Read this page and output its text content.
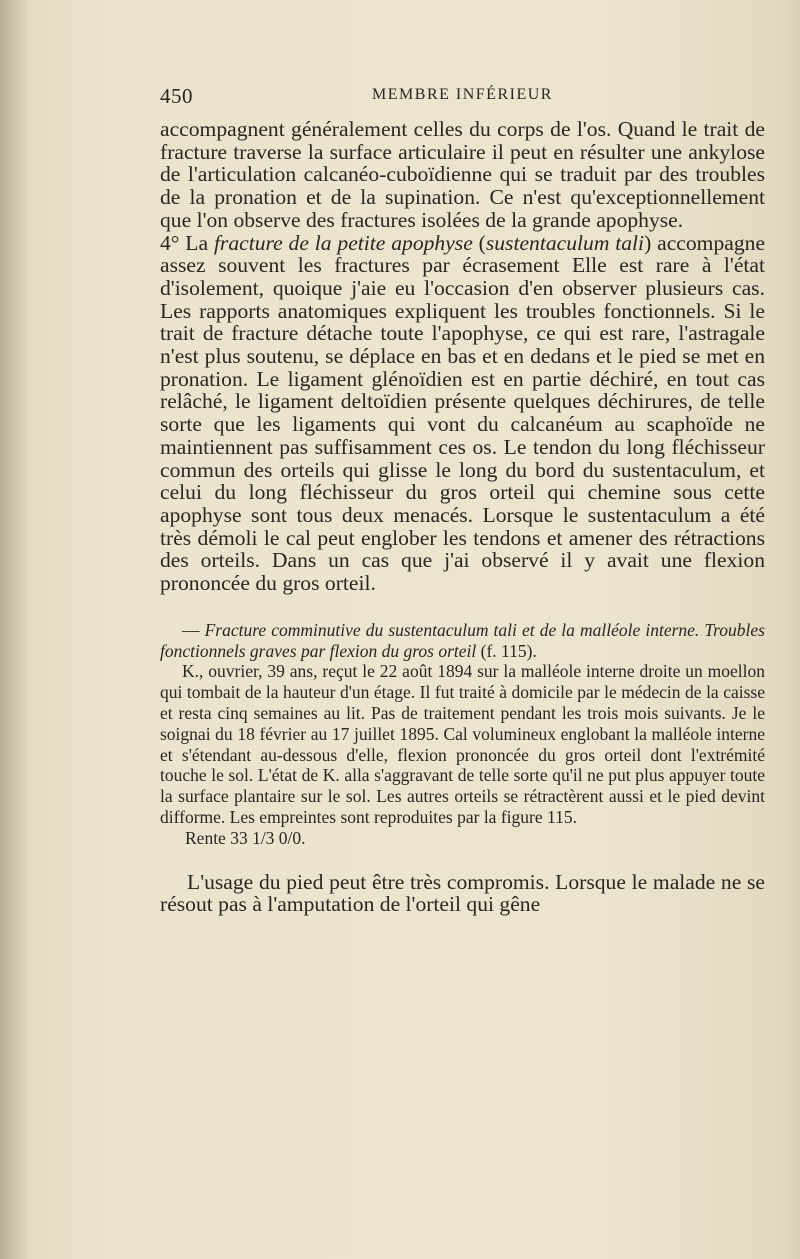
450	MEMBRE INFÉRIEUR

accompagnent généralement celles du corps de l'os. Quand le trait de fracture traverse la surface articulaire il peut en résulter une ankylose de l'articulation calcanéo-cuboïdienne qui se traduit par des troubles de la pronation et de la supination. Ce n'est qu'exceptionnellement que l'on observe des fractures isolées de la grande apophyse.

4° La fracture de la petite apophyse (sustentaculum tali) accompagne assez souvent les fractures par écrasement Elle est rare à l'état d'isolement, quoique j'aie eu l'occasion d'en observer plusieurs cas. Les rapports anatomiques expliquent les troubles fonctionnels. Si le trait de fracture détache toute l'apophyse, ce qui est rare, l'astragale n'est plus soutenu, se déplace en bas et en dedans et le pied se met en pronation. Le ligament glénoïdien est en partie déchiré, en tout cas relâché, le ligament deltoïdien présente quelques déchirures, de telle sorte que les ligaments qui vont du calcanéum au scaphoïde ne maintiennent pas suffisamment ces os. Le tendon du long fléchisseur commun des orteils qui glisse le long du bord du sustentaculum, et celui du long fléchisseur du gros orteil qui chemine sous cette apophyse sont tous deux menacés. Lorsque le sustentaculum a été très démoli le cal peut englober les tendons et amener des rétractions des orteils. Dans un cas que j'ai observé il y avait une flexion prononcée du gros orteil.

— Fracture comminutive du sustentaculum tali et de la malléole interne. Troubles fonctionnels graves par flexion du gros orteil (f. 115).

K., ouvrier, 39 ans, reçut le 22 août 1894 sur la malléole interne droite un moellon qui tombait de la hauteur d'un étage. Il fut traité à domicile par le médecin de la caisse et resta cinq semaines au lit. Pas de traitement pendant les trois mois suivants. Je le soignai du 18 février au 17 juillet 1895. Cal volumineux englobant la malléole interne et s'étendant au-dessous d'elle, flexion prononcée du gros orteil dont l'extrémité touche le sol. L'état de K. alla s'aggravant de telle sorte qu'il ne put plus appuyer toute la surface plantaire sur le sol. Les autres orteils se rétractèrent aussi et le pied devint difforme. Les empreintes sont reproduites par la figure 115.

Rente 33 1/3 0/0.

L'usage du pied peut être très compromis. Lorsque le malade ne se résout pas à l'amputation de l'orteil qui gêne
